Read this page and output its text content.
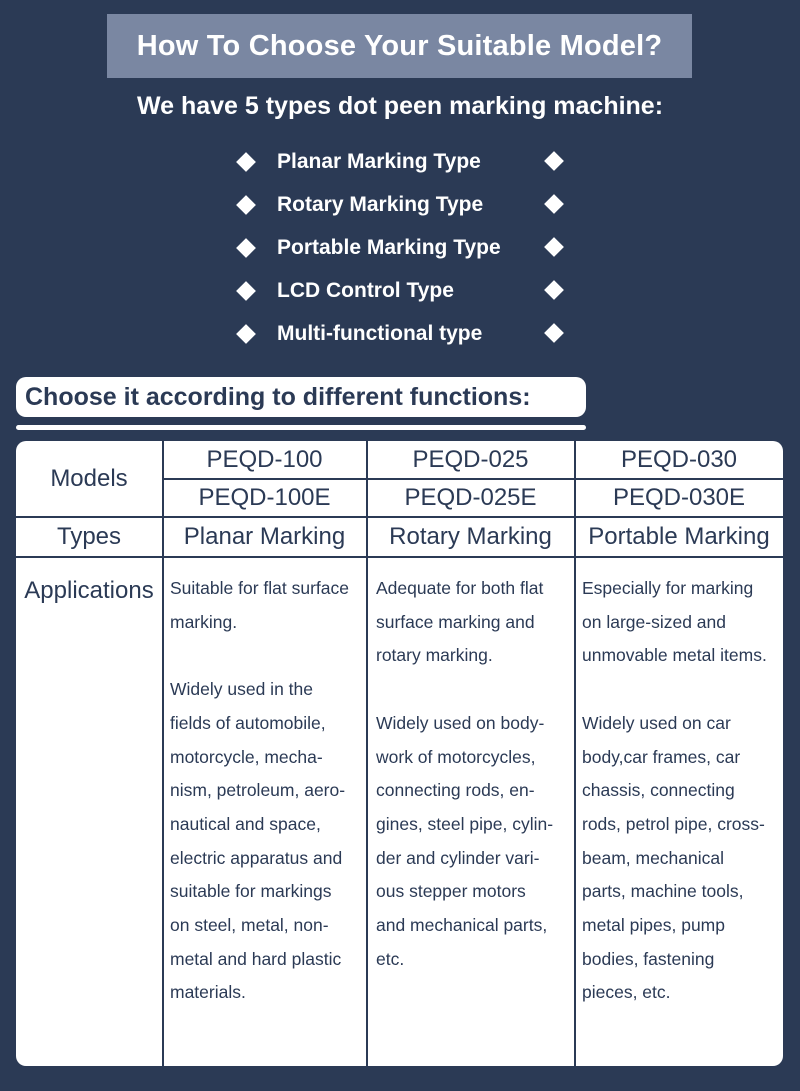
How To Choose Your Suitable Model?
We have 5 types dot peen marking machine:
Planar Marking Type
Rotary Marking Type
Portable Marking Type
LCD Control Type
Multi-functional type
Choose it according to different functions:
Models
Types
Applications
PEQD-100
PEQD-100E
Planar Marking
PEQD-025
PEQD-025E
Rotary Marking
PEQD-030
PEQD-030E
Portable Marking
Suitable for flat surface
marking.

Widely used in the
fields of automobile,
motorcycle, mecha-
nism, petroleum, aero-
nautical and space,
electric apparatus and
suitable for markings
on steel, metal, non-
metal and hard plastic
materials.
Adequate for both flat
surface marking and
rotary marking.

Widely used on body-
work of motorcycles,
connecting rods, en-
gines, steel pipe, cylin-
der and cylinder vari-
ous stepper motors
and mechanical parts,
etc.
Especially for marking
on large-sized and
unmovable metal items.

Widely used on car
body,car frames, car
chassis, connecting
rods, petrol pipe, cross-
beam, mechanical
parts, machine tools,
metal pipes, pump
bodies, fastening
pieces, etc.
